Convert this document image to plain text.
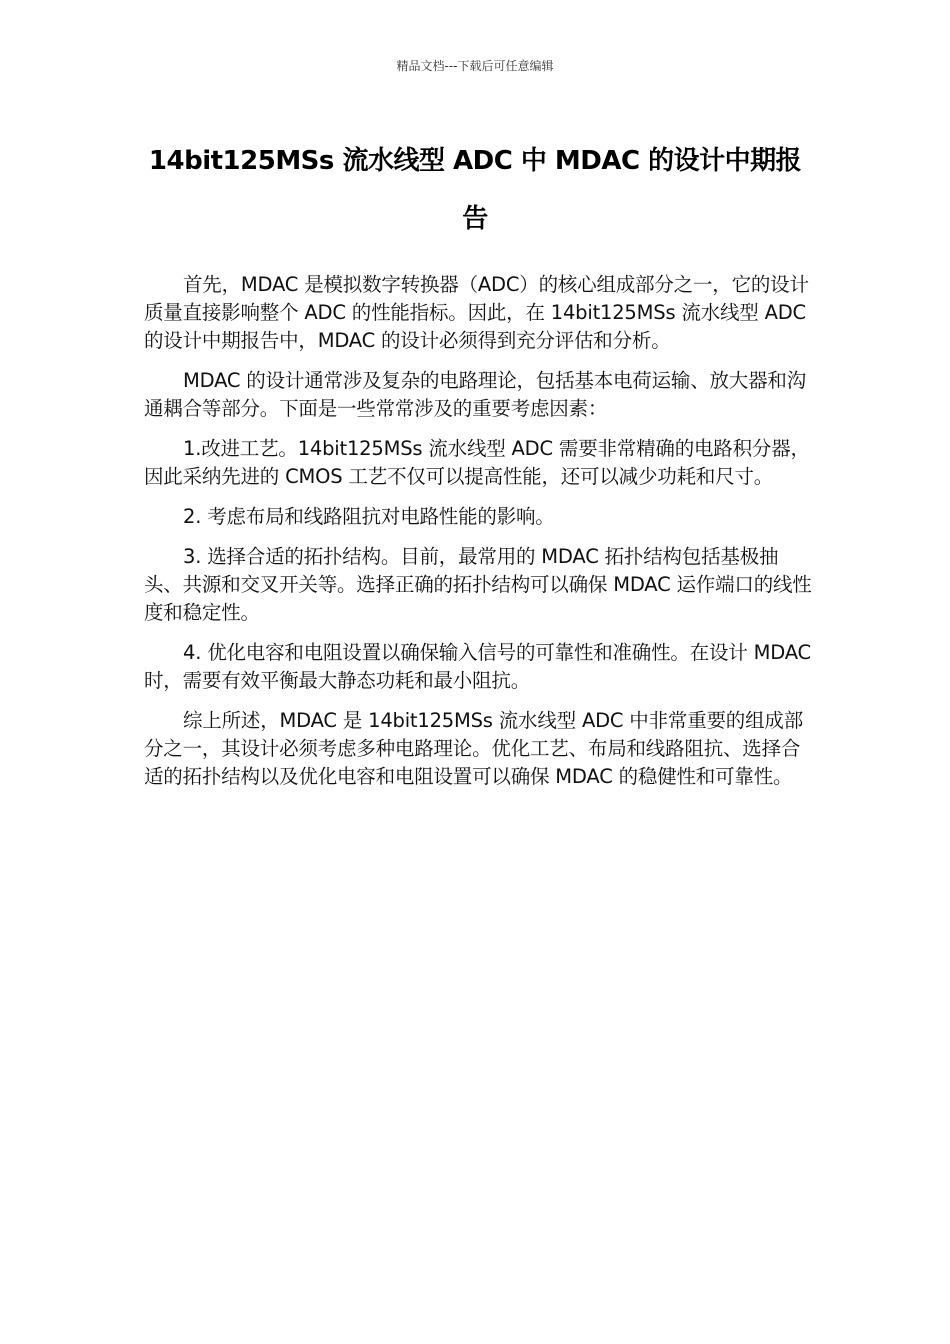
精品文档---下载后可任意编辑
14bit125MSs 流水线型 ADC 中 MDAC 的设计中期报告

首先，MDAC 是模拟数字转换器（ADC）的核心组成部分之一，它的设计质量直接影响整个 ADC 的性能指标。因此，在 14bit125MSs 流水线型 ADC 的设计中期报告中，MDAC 的设计必须得到充分评估和分析。

MDAC 的设计通常涉及复杂的电路理论，包括基本电荷运输、放大器和沟通耦合等部分。下面是一些常常涉及的重要考虑因素：

1.改进工艺。14bit125MSs 流水线型 ADC 需要非常精确的电路积分器，因此采纳先进的 CMOS 工艺不仅可以提高性能，还可以减少功耗和尺寸。

2. 考虑布局和线路阻抗对电路性能的影响。

3. 选择合适的拓扑结构。目前，最常用的 MDAC 拓扑结构包括基极抽头、共源和交叉开关等。选择正确的拓扑结构可以确保 MDAC 运作端口的线性度和稳定性。

4. 优化电容和电阻设置以确保输入信号的可靠性和准确性。在设计 MDAC 时，需要有效平衡最大静态功耗和最小阻抗。

综上所述，MDAC 是 14bit125MSs 流水线型 ADC 中非常重要的组成部分之一，其设计必须考虑多种电路理论。优化工艺、布局和线路阻抗、选择合适的拓扑结构以及优化电容和电阻设置可以确保 MDAC 的稳健性和可靠性。
